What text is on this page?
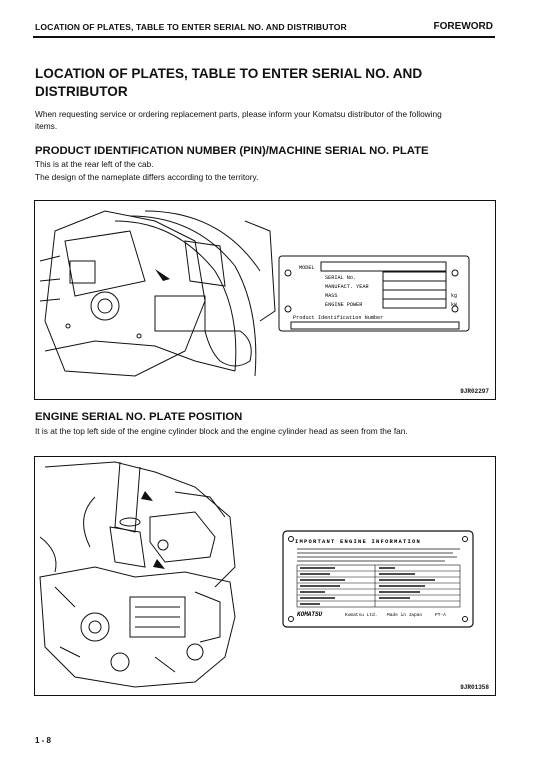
LOCATION OF PLATES, TABLE TO ENTER SERIAL NO. AND DISTRIBUTOR	FOREWORD
LOCATION OF PLATES, TABLE TO ENTER SERIAL NO. AND
DISTRIBUTOR
When requesting service or ordering replacement parts, please inform your Komatsu distributor of the following
items.
PRODUCT IDENTIFICATION NUMBER (PIN)/MACHINE SERIAL NO. PLATE
This is at the rear left of the cab.
The design of the nameplate differs according to the territory.
MODEL
SERIAL No.
MANUFACT. YEAR
MASS
ENGINE POWER
Product Identification Number
kg
kW
9JR02297
ENGINE SERIAL NO. PLATE POSITION
It is at the top left side of the engine cylinder block and the engine cylinder head as seen from the fan.
IMPORTANT ENGINE INFORMATION
KOMATSU	Komatsu Ltd. Made in Japan	PT-A
9JR01358
1 - 8
